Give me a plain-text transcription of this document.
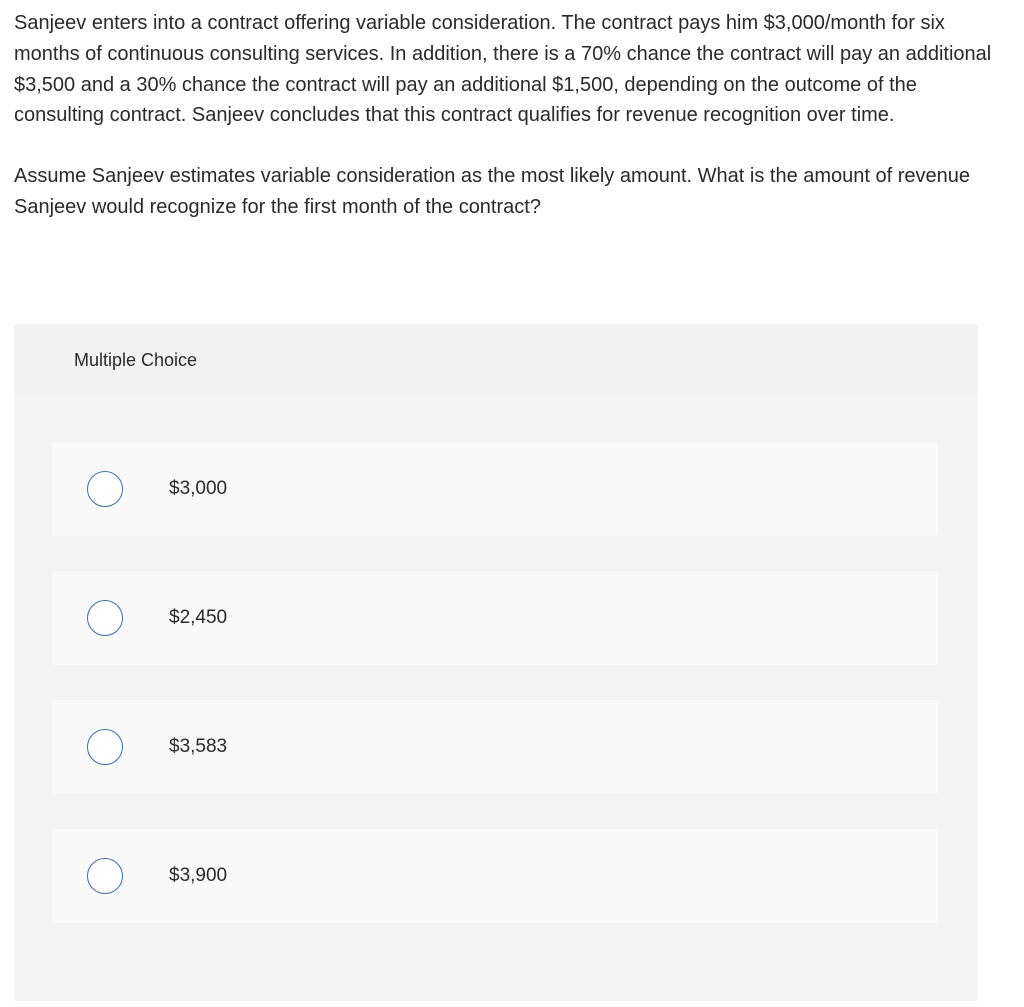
Sanjeev enters into a contract offering variable consideration. The contract pays him $3,000/month for six months of continuous consulting services. In addition, there is a 70% chance the contract will pay an additional $3,500 and a 30% chance the contract will pay an additional $1,500, depending on the outcome of the consulting contract. Sanjeev concludes that this contract qualifies for revenue recognition over time.

Assume Sanjeev estimates variable consideration as the most likely amount. What is the amount of revenue Sanjeev would recognize for the first month of the contract?

Multiple Choice
$3,000
$2,450
$3,583
$3,900
